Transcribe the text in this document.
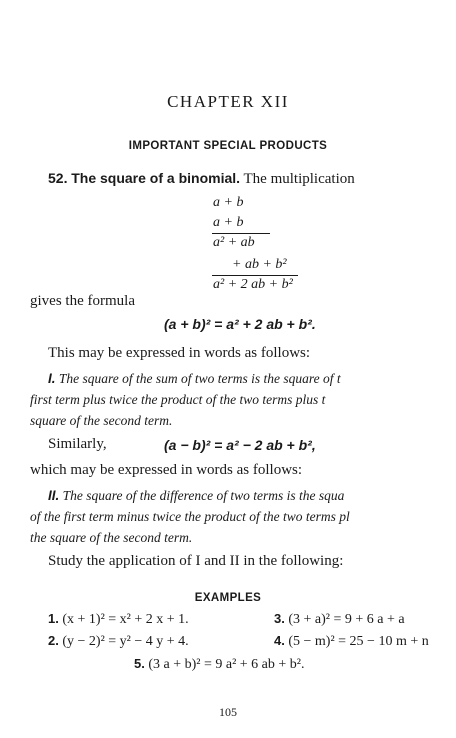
CHAPTER XII
IMPORTANT SPECIAL PRODUCTS
52. The square of a binomial. The multiplication
a + b
a + b
a² + ab
+ ab + b²
a² + 2 ab + b²
gives the formula
(a + b)² = a² + 2 ab + b².
This may be expressed in words as follows:
I. The square of the sum of two terms is the square of t
first term plus twice the product of the two terms plus t
square of the second term.
Similarly,	(a − b)² = a² − 2 ab + b²,
which may be expressed in words as follows:
II. The square of the difference of two terms is the squa
of the first term minus twice the product of the two terms pl
the square of the second term.
Study the application of I and II in the following:
EXAMPLES
1. (x + 1)² = x² + 2 x + 1.	3. (3 + a)² = 9 + 6 a + a
2. (y − 2)² = y² − 4 y + 4.	4. (5 − m)² = 25 − 10 m + n
5. (3 a + b)² = 9 a² + 6 ab + b².
105
